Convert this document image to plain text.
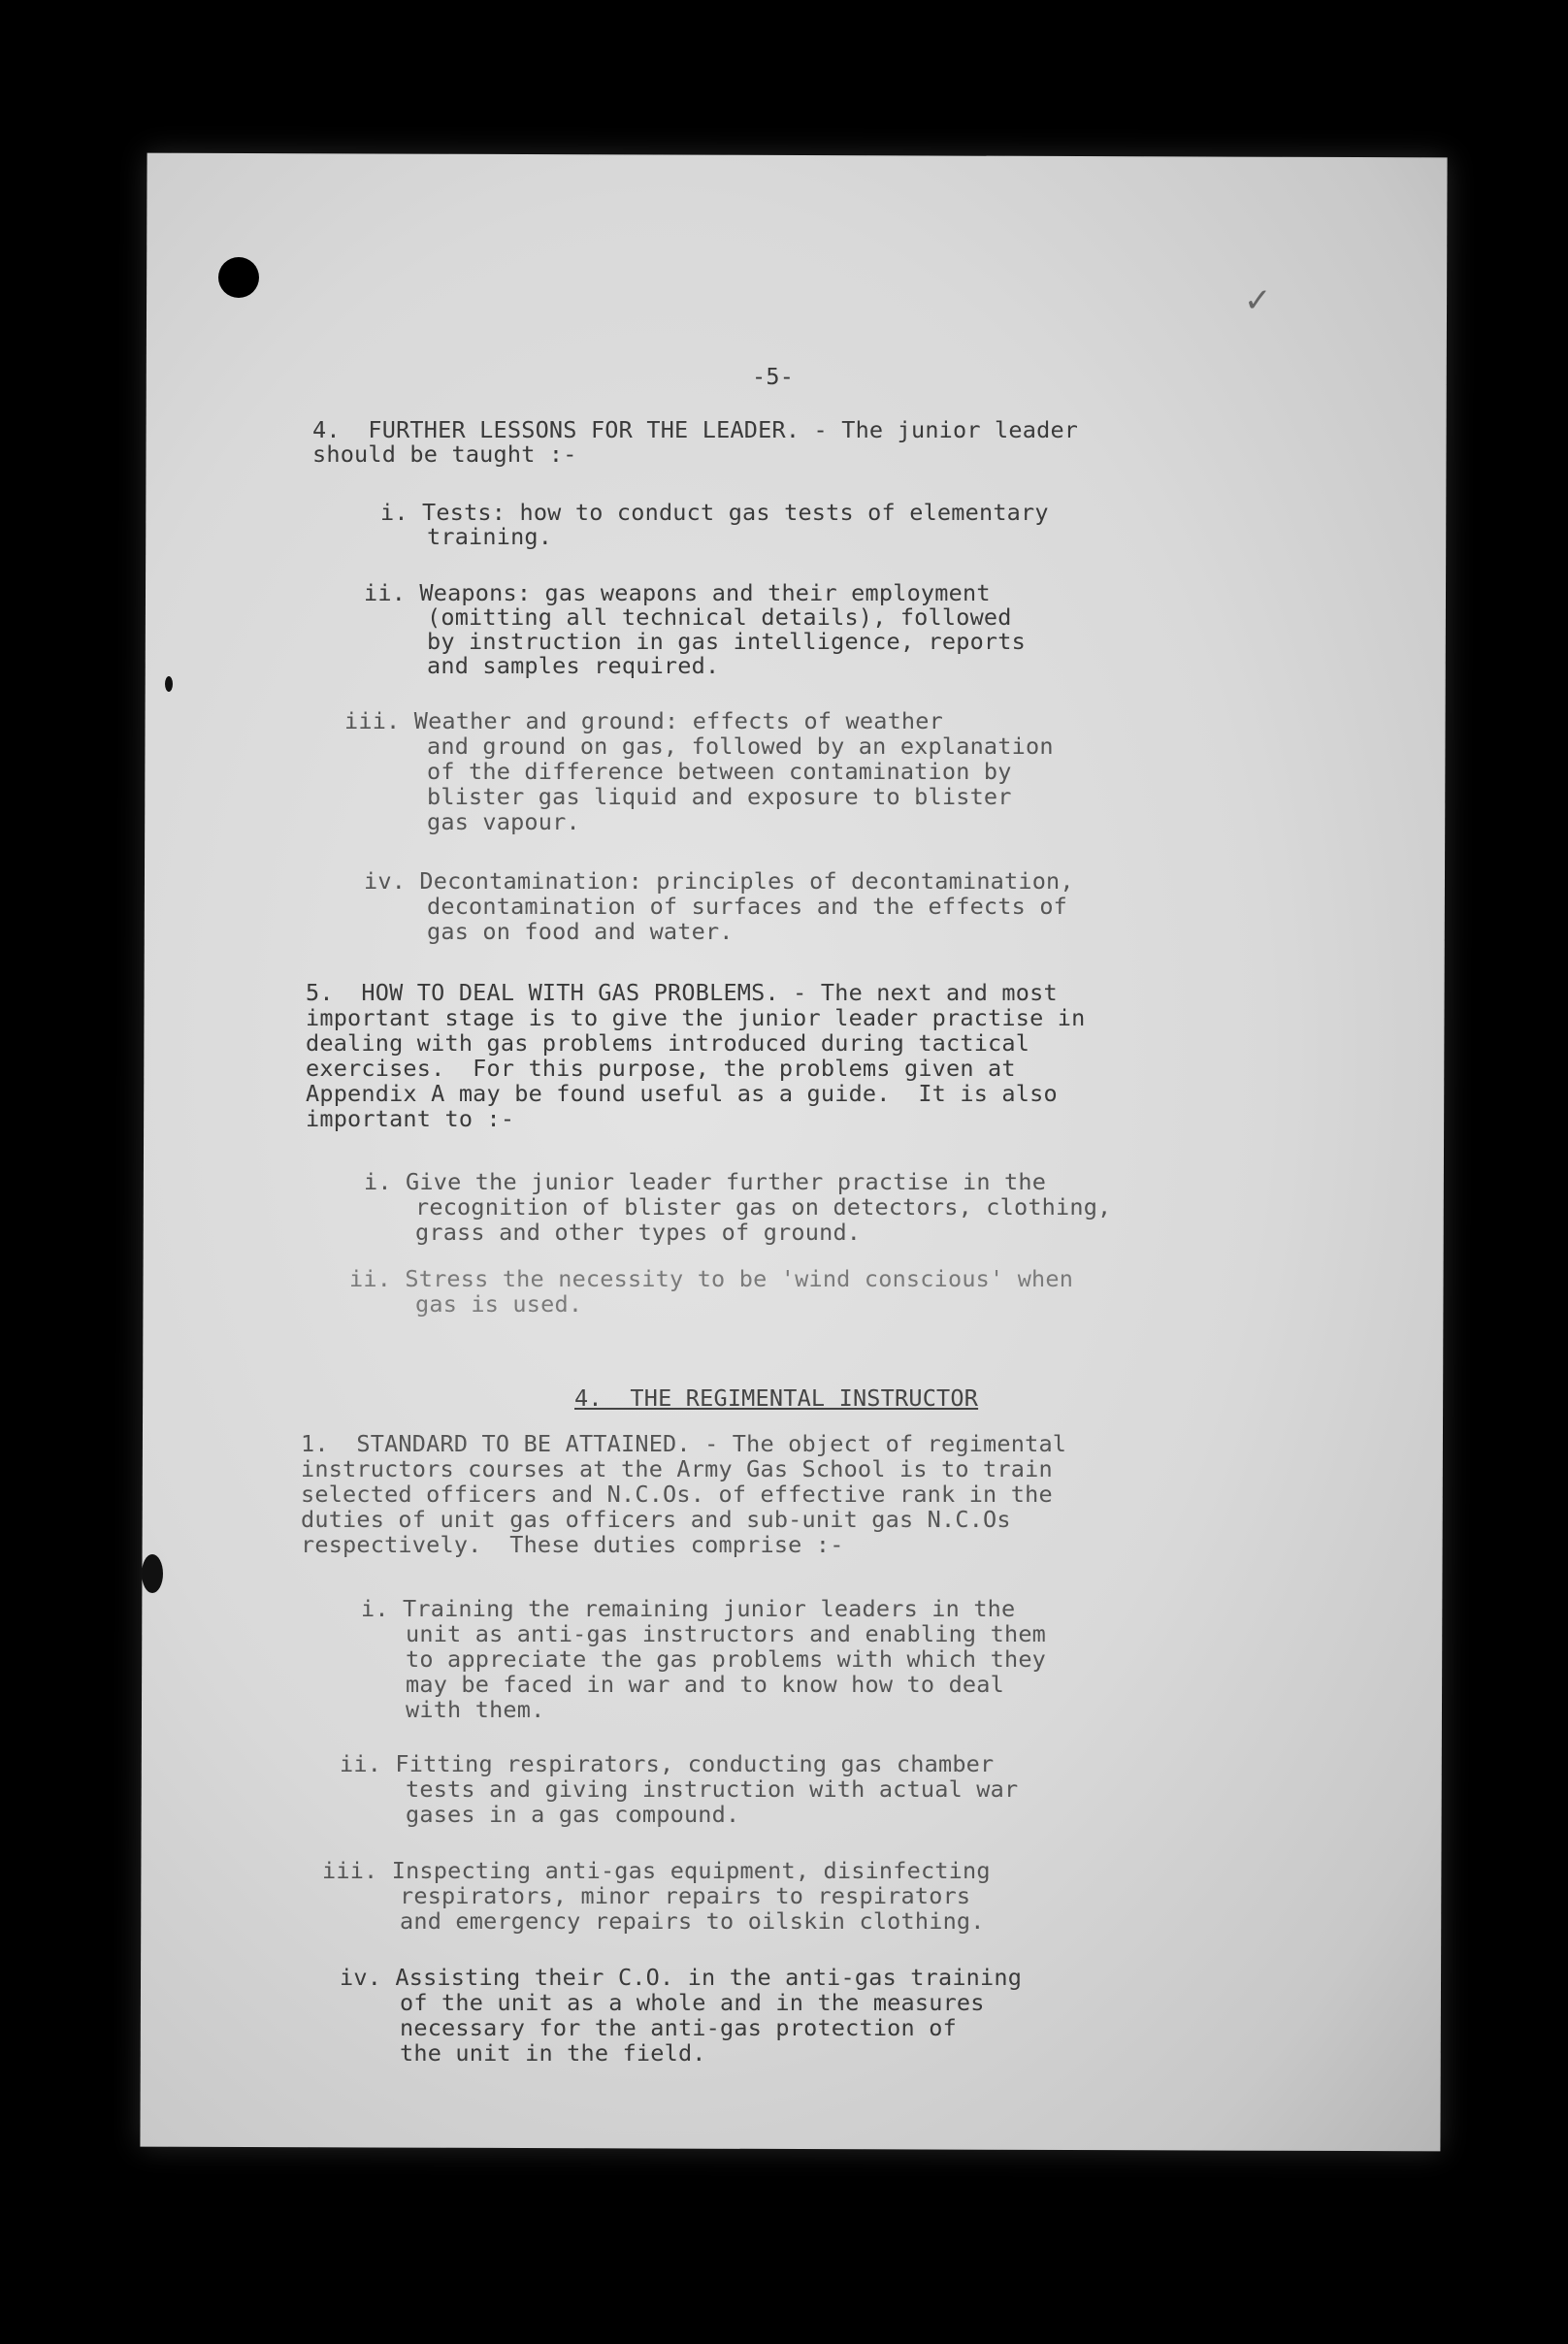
✓
-5-
4.  FURTHER LESSONS FOR THE LEADER. - The junior leader
should be taught :-
i. Tests: how to conduct gas tests of elementary
training.
ii. Weapons: gas weapons and their employment
(omitting all technical details), followed
by instruction in gas intelligence, reports
and samples required.
iii. Weather and ground: effects of weather
and ground on gas, followed by an explanation
of the difference between contamination by
blister gas liquid and exposure to blister
gas vapour.
iv. Decontamination: principles of decontamination,
decontamination of surfaces and the effects of
gas on food and water.
5.  HOW TO DEAL WITH GAS PROBLEMS. - The next and most
important stage is to give the junior leader practise in
dealing with gas problems introduced during tactical
exercises.  For this purpose, the problems given at
Appendix A may be found useful as a guide.  It is also
important to :-
i. Give the junior leader further practise in the
recognition of blister gas on detectors, clothing,
grass and other types of ground.
ii. Stress the necessity to be 'wind conscious' when
gas is used.
4.  THE REGIMENTAL INSTRUCTOR
1.  STANDARD TO BE ATTAINED. - The object of regimental
instructors courses at the Army Gas School is to train
selected officers and N.C.Os. of effective rank in the
duties of unit gas officers and sub-unit gas N.C.Os
respectively.  These duties comprise :-
i. Training the remaining junior leaders in the
unit as anti-gas instructors and enabling them
to appreciate the gas problems with which they
may be faced in war and to know how to deal
with them.
ii. Fitting respirators, conducting gas chamber
tests and giving instruction with actual war
gases in a gas compound.
iii. Inspecting anti-gas equipment, disinfecting
respirators, minor repairs to respirators
and emergency repairs to oilskin clothing.
iv. Assisting their C.O. in the anti-gas training
of the unit as a whole and in the measures
necessary for the anti-gas protection of
the unit in the field.
